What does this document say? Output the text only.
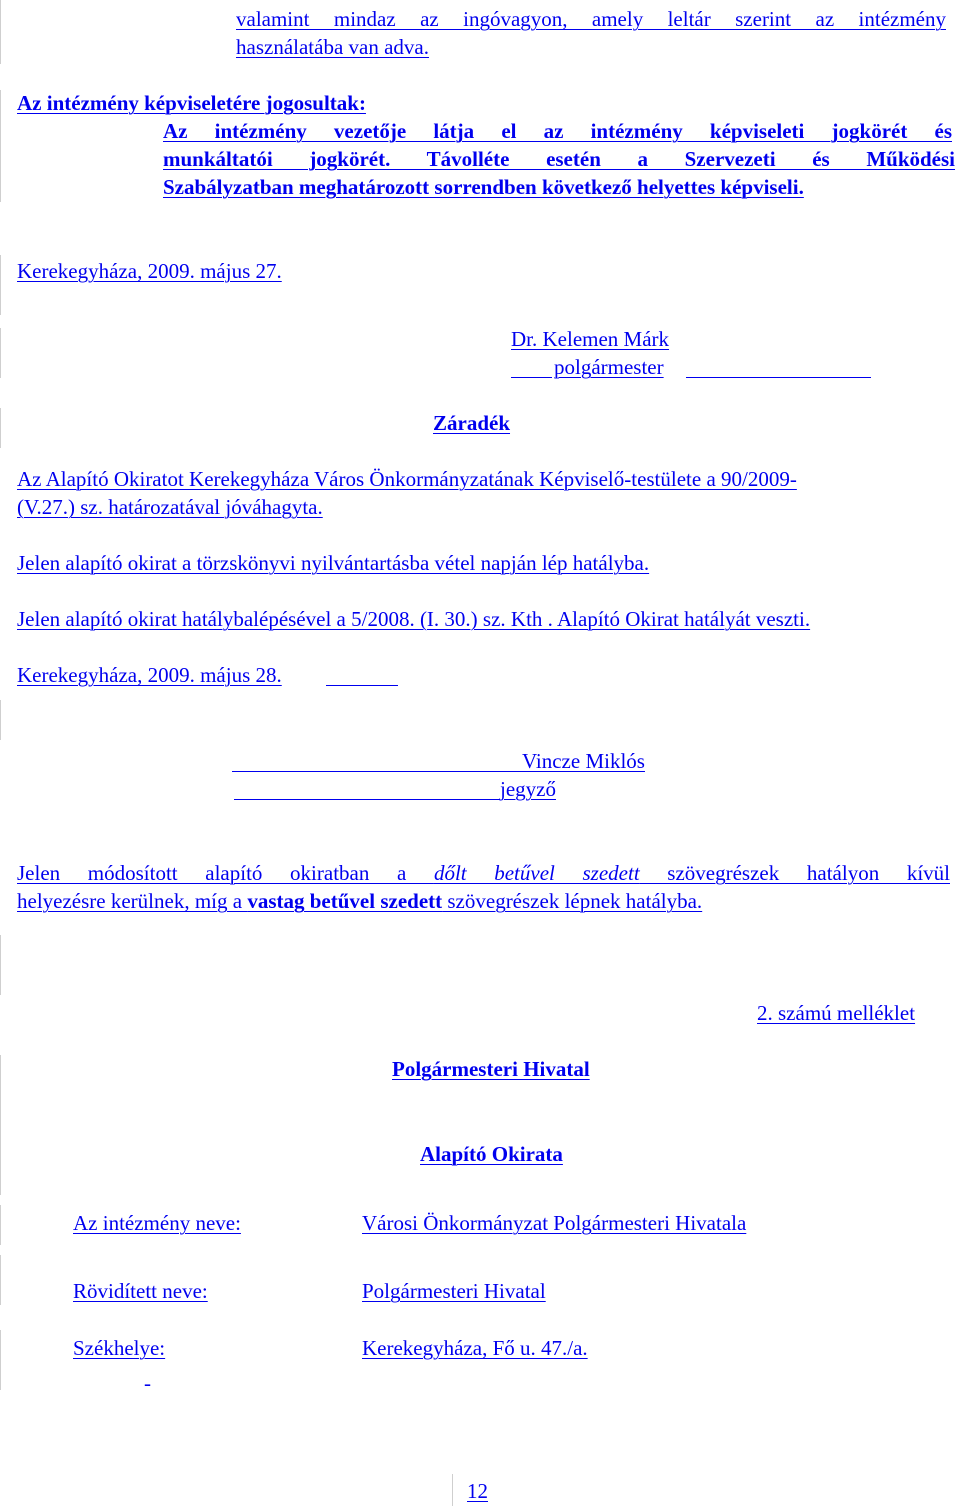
valamint mindaz az ingóvagyon, amely leltár szerint az intézmény
használatába van adva.
Az intézmény képviseletére jogosultak:
Az intézmény vezetője látja el az intézmény képviseleti jogkörét és
munkáltatói jogkörét. Távolléte esetén a Szervezeti és Működési
Szabályzatban meghatározott sorrendben következő helyettes képviseli.
Kerekegyháza, 2009. május 27.
Dr. Kelemen Márk
polgármester
Záradék
Az Alapító Okiratot Kerekegyháza Város Önkormányzatának Képviselő-testülete a 90/2009-
(V.27.) sz. határozatával jóváhagyta.
Jelen alapító okirat a törzskönyvi nyilvántartásba vétel napján lép hatályba.
Jelen alapító okirat hatálybalépésével a 5/2008. (I. 30.) sz. Kth . Alapító Okirat hatályát veszti.
Kerekegyháza, 2009. május 28.
Vincze Miklós
jegyző
Jelen módosított alapító okiratban a dőlt betűvel szedett szövegrészek hatályon kívül
helyezésre kerülnek, míg a vastag betűvel szedett szövegrészek lépnek hatályba.
2. számú melléklet
Polgármesteri Hivatal
Alapító Okirata
Az intézmény neve:	Városi Önkormányzat Polgármesteri Hivatala
Rövidített neve:	Polgármesteri Hivatal
Székhelye:	Kerekegyháza, Fő u. 47./a.
-
12
